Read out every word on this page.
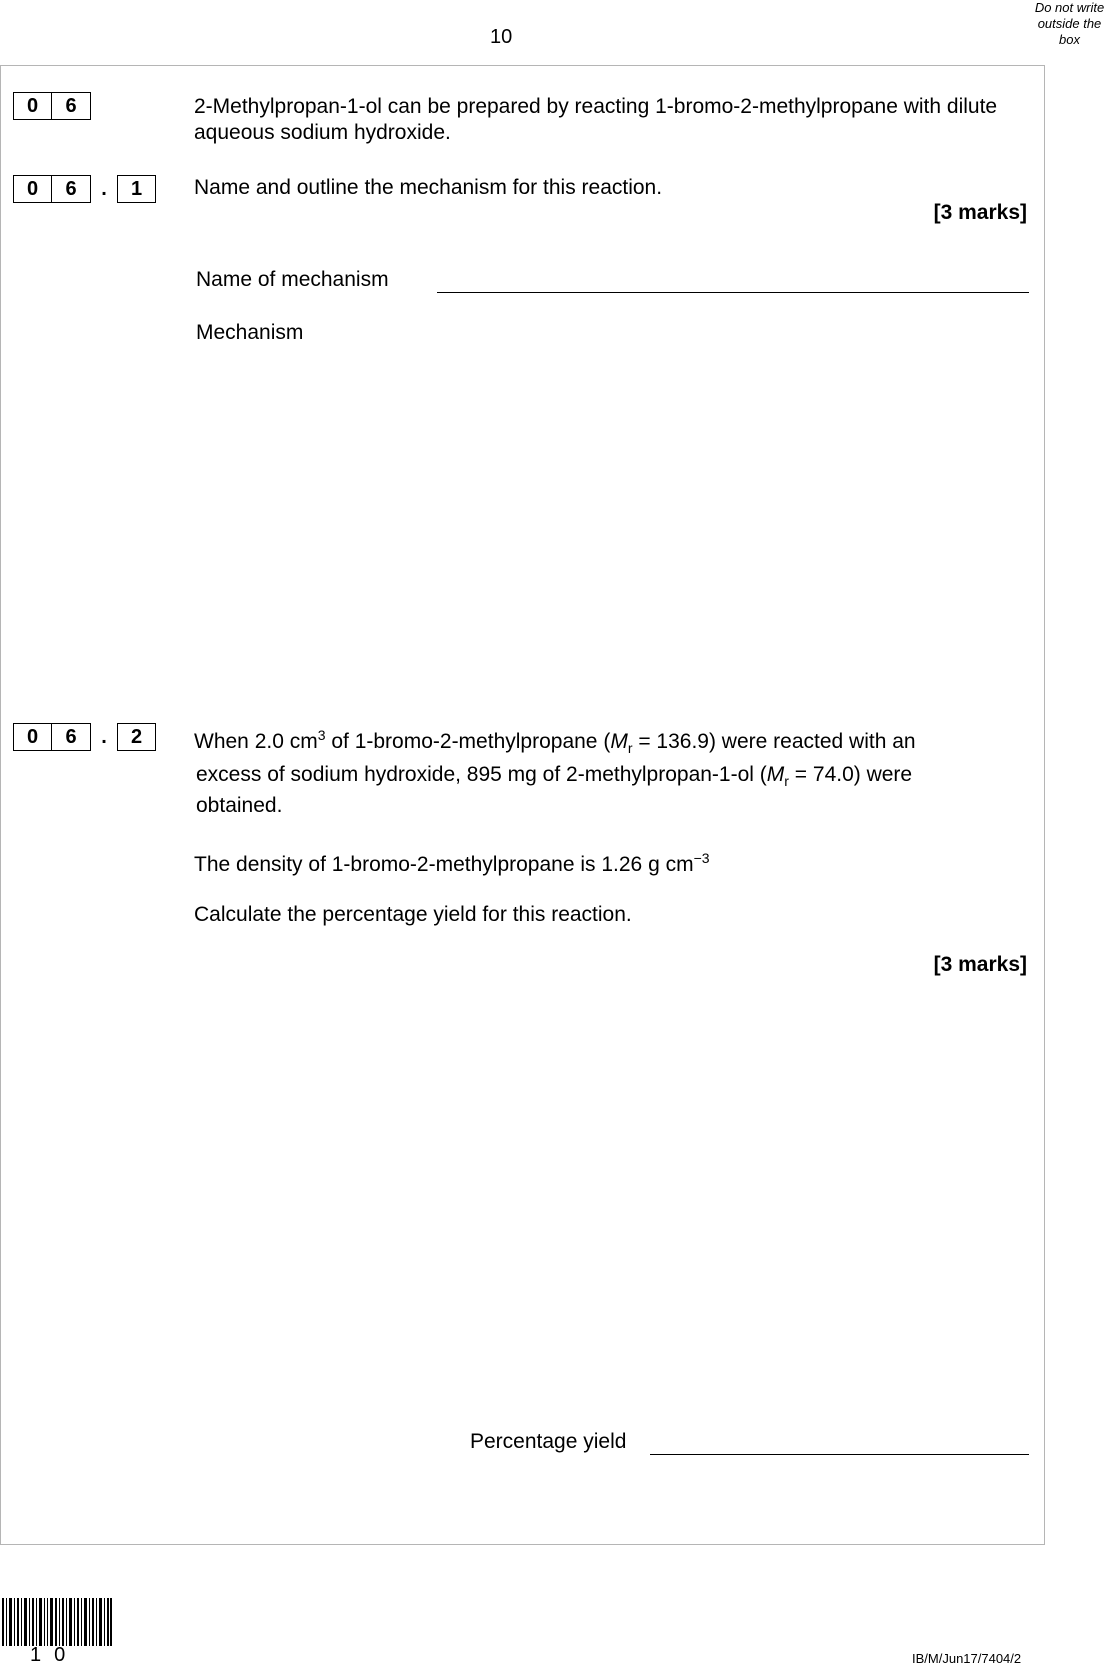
10
Do not write
outside the
box
0	6	2-Methylpropan-1-ol can be prepared by reacting 1-bromo-2-methylpropane with dilute aqueous sodium hydroxide.
0	6	.	1	Name and outline the mechanism for this reaction.
[3 marks]
Name of mechanism
Mechanism
0	6	.	2	When 2.0 $cm^3$ of 1-bromo-2-methylpropane $(M_r = 136.9)$ were reacted with an
excess of sodium hydroxide, 895 mg of 2-methylpropan-1-ol $(M_r = 74.0)$ were
obtained.
The density of 1-bromo-2-methylpropane is 1.26 g $cm^{-3}$
Calculate the percentage yield for this reaction.
[3 marks]
Percentage yield
10	IB/M/Jun17/7404/2
